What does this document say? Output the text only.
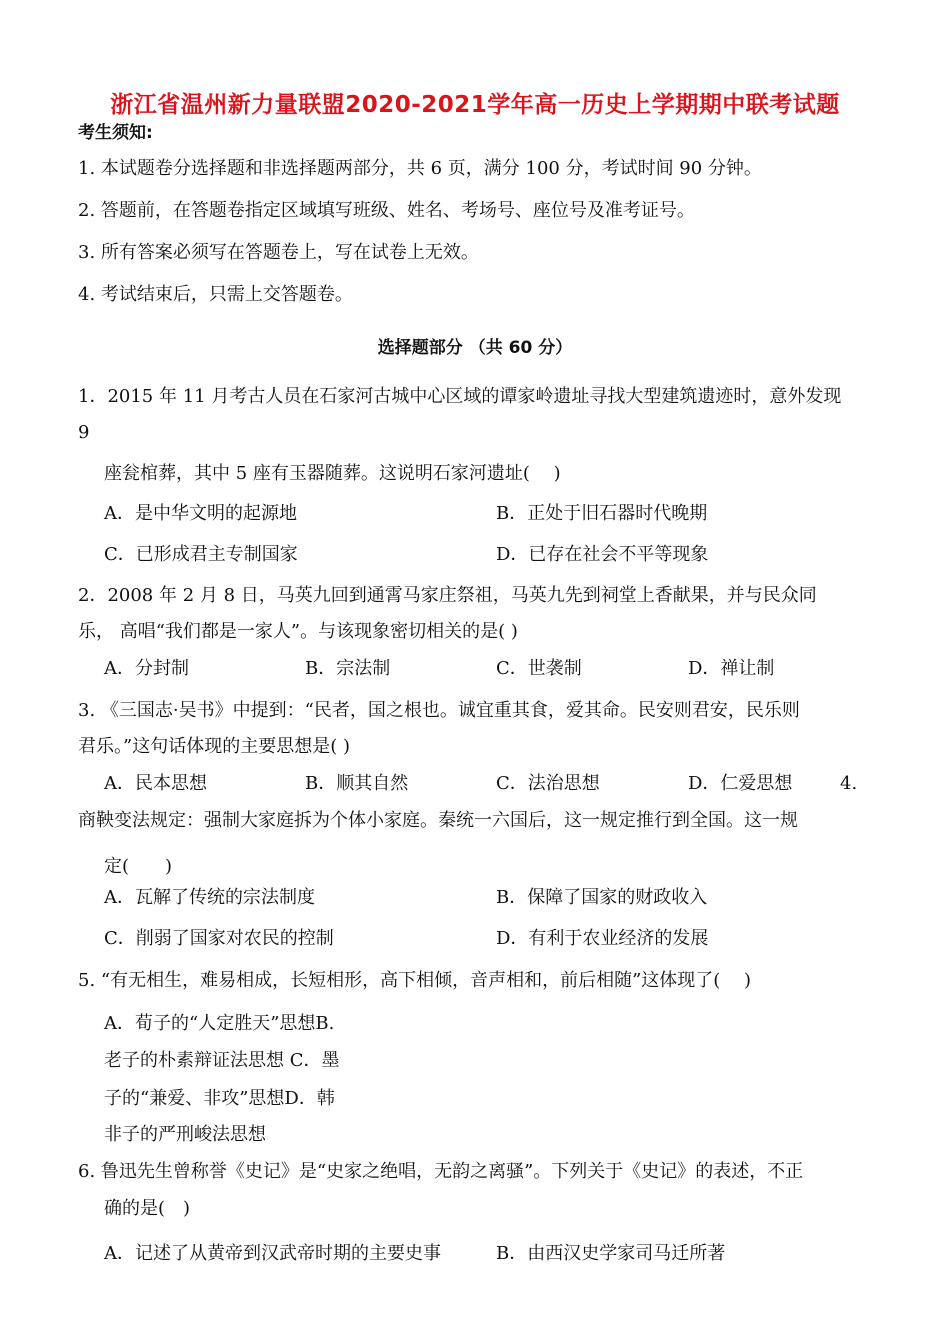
浙江省温州新力量联盟2020-2021学年高一历史上学期期中联考试题
考生须知:
1. 本试题卷分选择题和非选择题两部分，共 6 页，满分 100 分，考试时间 90 分钟。
2. 答题前，在答题卷指定区域填写班级、姓名、考场号、座位号及准考证号。
3. 所有答案必须写在答题卷上，写在试卷上无效。
4. 考试结束后，只需上交答题卷。
选择题部分 （共 60 分）
1．2015 年 11 月考古人员在石家河古城中心区域的谭家岭遗址寻找大型建筑遗迹时，意外发现
9
座瓮棺葬，其中 5 座有玉器随葬。这说明石家河遗址(　 )
A．是中华文明的起源地	B．正处于旧石器时代晚期
C．已形成君主专制国家	D．已存在社会不平等现象
2．2008 年 2 月 8 日，马英九回到通霄马家庄祭祖，马英九先到祠堂上香献果，并与民众同
乐， 高唱“我们都是一家人”。与该现象密切相关的是( )
A．分封制	B．宗法制	C．世袭制	D．禅让制
3. 《三国志·吴书》中提到：“民者，国之根也。诚宜重其食，爱其命。民安则君安，民乐则
君乐。”这句话体现的主要思想是( )
A．民本思想	B．顺其自然	C．法治思想	D．仁爱思想	4.
商鞅变法规定：强制大家庭拆为个体小家庭。秦统一六国后，这一规定推行到全国。这一规
定(　　)
A．瓦解了传统的宗法制度	B．保障了国家的财政收入
C．削弱了国家对农民的控制	D．有利于农业经济的发展
5. “有无相生，难易相成，长短相形，高下相倾，音声相和，前后相随”这体现了(　 )
A．荀子的“人定胜天”思想B.
老子的朴素辩证法思想 C．墨
子的“兼爱、非攻”思想D．韩
非子的严刑峻法思想
6. 鲁迅先生曾称誉《史记》是“史家之绝唱，无韵之离骚”。下列关于《史记》的表述，不正
确的是(　)
A．记述了从黄帝到汉武帝时期的主要史事	B．由西汉史学家司马迁所著
